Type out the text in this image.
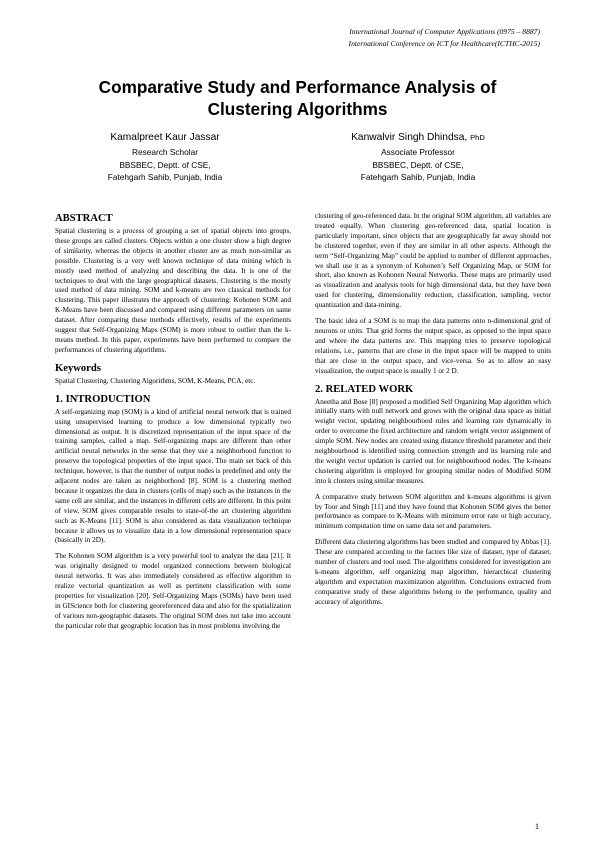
International Journal of Computer Applications (0975 – 8887)
International Conference on ICT for Healthcare(ICTHC-2015)
Comparative Study and Performance Analysis of Clustering Algorithms
Kamalpreet Kaur Jassar
Research Scholar
BBSBEC, Deptt. of CSE,
Fatehgarh Sahib, Punjab, India
Kanwalvir Singh Dhindsa, PhD
Associate Professor
BBSBEC, Deptt. of CSE,
Fatehgarh Sahib, Punjab, India
ABSTRACT

Spatial clustering is a process of grouping a set of spatial objects into groups, these groups are called clusters. Objects within a one cluster show a high degree of similarity, whereas the objects in another cluster are as much non-similar as possible. Clustering is a very well known technique of data mining which is mostly used method of analyzing and describing the data. It is one of the techniques to deal with the large geographical datasets. Clustering is the mostly used method of data mining. SOM and k-means are two classical methods for clustering. This paper illustrates the approach of clustering: Kohonen SOM and K-Means have been discussed and compared using different parameters on same dataset. After comparing these methods effectively, results of the experiments suggest that Self-Organizing Maps (SOM) is more robust to outlier than the k-means method. In this paper, experiments have been performed to compare the performances of clustering algorithms.

Keywords

Spatial Clustering, Clustering Algorithms, SOM, K-Means, PCA, etc.

1. INTRODUCTION

A self-organizing map (SOM) is a kind of artificial neural network that is trained using unsupervised learning to produce a low dimensional typically two dimensional as output. It is discretized representation of the input space of the training samples, called a map. Self-organizing maps are different than other artificial neural networks in the sense that they use a neighborhood function to preserve the topological properties of the input space. The main set back of this technique, however, is that the number of output nodes is predefined and only the adjacent nodes are taken as neighborhood [8]. SOM is a clustering method because it organizes the data in clusters (cells of map) such as the instances in the same cell are similar, and the instances in different cells are different. In this point of view, SOM gives comparable results to state-of-the art clustering algorithm such as K-Means [11]. SOM is also considered as data visualization technique because it allows us to visualize data in a low dimensional representation space (basically in 2D).

The Kohonen SOM algorithm is a very powerful tool to analyze the data [21]. It was originally designed to model organized connections between biological neural networks. It was also immediately considered as effective algorithm to realize vectorial quantization as well as pertinent classification with some properties for visualization [20]. Self-Organizing Maps (SOMs) have been used in GIScience both for clustering georeferenced data and also for the spatialization of various non-geographic datasets. The original SOM does not take into account the particular role that geographic location has in most problems involving the

clustering of geo-referenced data. In the original SOM algorithm, all variables are treated equally. When clustering geo-referenced data, spatial location is particularly important, since objects that are geographically far away should not be clustered together, even if they are similar in all other aspects. Although the term “Self-Organizing Map” could be applied to number of different approaches, we shall use it as a synonym of Kohonen’s Self Organizing Map, or SOM for short, also known as Kohonen Neural Networks. These maps are primarily used as visualization and analysis tools for high dimensional data, but they have been used for clustering, dimensionality reduction, classification, sampling, vector quantization and data-mining.

The basic idea of a SOM is to map the data patterns onto n-dimensional grid of neurons or units. That grid forms the output space, as opposed to the input space and where the data patterns are. This mapping tries to preserve topological relations, i.e., patterns that are close in the input space will be mapped to units that are close in the output space, and vice-versa. So as to allow an easy visualization, the output space is usually 1 or 2 D.

2. RELATED WORK

Aneetha and Bose [8] proposed a modified Self Organizing Map algorithm which initially starts with null network and grows with the original data space as initial weight vector, updating neighbourhood rules and learning rate dynamically in order to overcome the fixed architecture and random weight vector assignment of simple SOM. New nodes are created using distance threshold parameter and their neighbourhood is identified using connection strength and its learning rule and the weight vector updation is carried out for neighbourhood nodes. The k-means clustering algorithm is employed for grouping similar nodes of Modified SOM into k clusters using similar measures.

A comparative study between SOM algorithm and k-means algorithms is given by Toor and Singh [11] and they have found that Kohonen SOM gives the better performance as compare to K-Means with minimum error rate or high accuracy, minimum computation time on same data set and parameters.

Different data clustering algorithms has been studied and compared by Abbas [1]. These are compared according to the factors like size of dataset, type of dataset, number of clusters and tool used. The algorithms considered for investigation are k-means algorithm, self organizing map algorithm, hierarchical clustering algorithm and expectation maximization algorithm. Conclusions extracted from comparative study of these algorithms belong to the performance, quality and accuracy of algorithms.

1
